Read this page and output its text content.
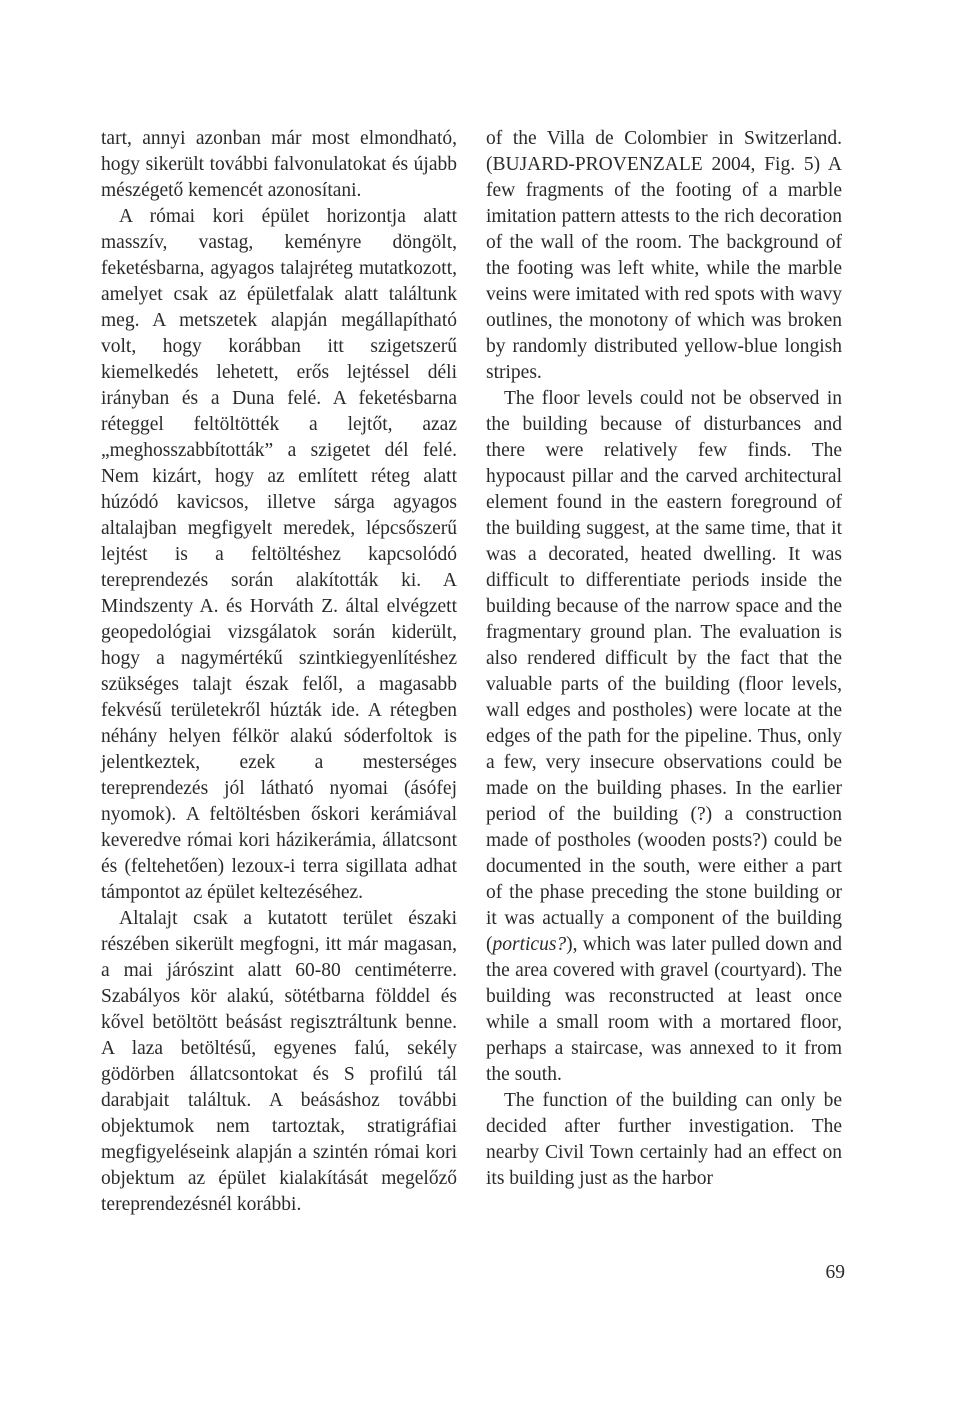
tart, annyi azonban már most elmondható, hogy sikerült további falvonulatokat és újabb mészégető kemencét azonosítani.

A római kori épület horizontja alatt masszív, vastag, keményre döngölt, feketésbarna, agyagos talajréteg mutatkozott, amelyet csak az épületfalak alatt találtunk meg. A metszetek alapján megállapítható volt, hogy korábban itt szigetszerű kiemelkedés lehetett, erős lejtéssel déli irányban és a Duna felé. A feketésbarna réteggel feltöltötték a lejtőt, azaz „meghosszabbították” a szigetet dél felé. Nem kizárt, hogy az említett réteg alatt húzódó kavicsos, illetve sárga agyagos altalajban megfigyelt meredek, lépcsőszerű lejtést is a feltöltéshez kapcsolódó tereprendezés során alakították ki. A Mindszenty A. és Horváth Z. által elvégzett geopedológiai vizsgálatok során kiderült, hogy a nagymértékű szintkiegyenlítéshez szükséges talajt észak felől, a magasabb fekvésű területekről húzták ide. A rétegben néhány helyen félkör alakú sóderfoltok is jelentkeztek, ezek a mesterséges tereprendezés jól látható nyomai (ásófej nyomok). A feltöltésben őskori kerámiával keveredve római kori házikerámia, állatcsont és (feltehetően) lezoux-i terra sigillata adhat támpontot az épület keltezéséhez.

Altalajt csak a kutatott terület északi részében sikerült megfogni, itt már magasan, a mai járószint alatt 60-80 centiméterre. Szabályos kör alakú, sötétbarna földdel és kővel betöltött beásást regisztráltunk benne. A laza betöltésű, egyenes falú, sekély gödörben állatcsontokat és S profilú tál darabjait találtuk. A beásáshoz további objektumok nem tartoztak, stratigráfiai megfigyeléseink alapján a szintén római kori objektum az épület kialakítását megelőző tereprendezésnél korábbi.

of the Villa de Colombier in Switzerland. (BUJARD-PROVENZALE 2004, Fig. 5) A few fragments of the footing of a marble imitation pattern attests to the rich decoration of the wall of the room. The background of the footing was left white, while the marble veins were imitated with red spots with wavy outlines, the monotony of which was broken by randomly distributed yellow-blue longish stripes.

The floor levels could not be observed in the building because of disturbances and there were relatively few finds. The hypocaust pillar and the carved architectural element found in the eastern foreground of the building suggest, at the same time, that it was a decorated, heated dwelling. It was difficult to differentiate periods inside the building because of the narrow space and the fragmentary ground plan. The evaluation is also rendered difficult by the fact that the valuable parts of the building (floor levels, wall edges and postholes) were locate at the edges of the path for the pipeline. Thus, only a few, very insecure observations could be made on the building phases. In the earlier period of the building (?) a construction made of postholes (wooden posts?) could be documented in the south, were either a part of the phase preceding the stone building or it was actually a component of the building (porticus?), which was later pulled down and the area covered with gravel (courtyard). The building was reconstructed at least once while a small room with a mortared floor, perhaps a staircase, was annexed to it from the south.

The function of the building can only be decided after further investigation. The nearby Civil Town certainly had an effect on its building just as the harbor

69
